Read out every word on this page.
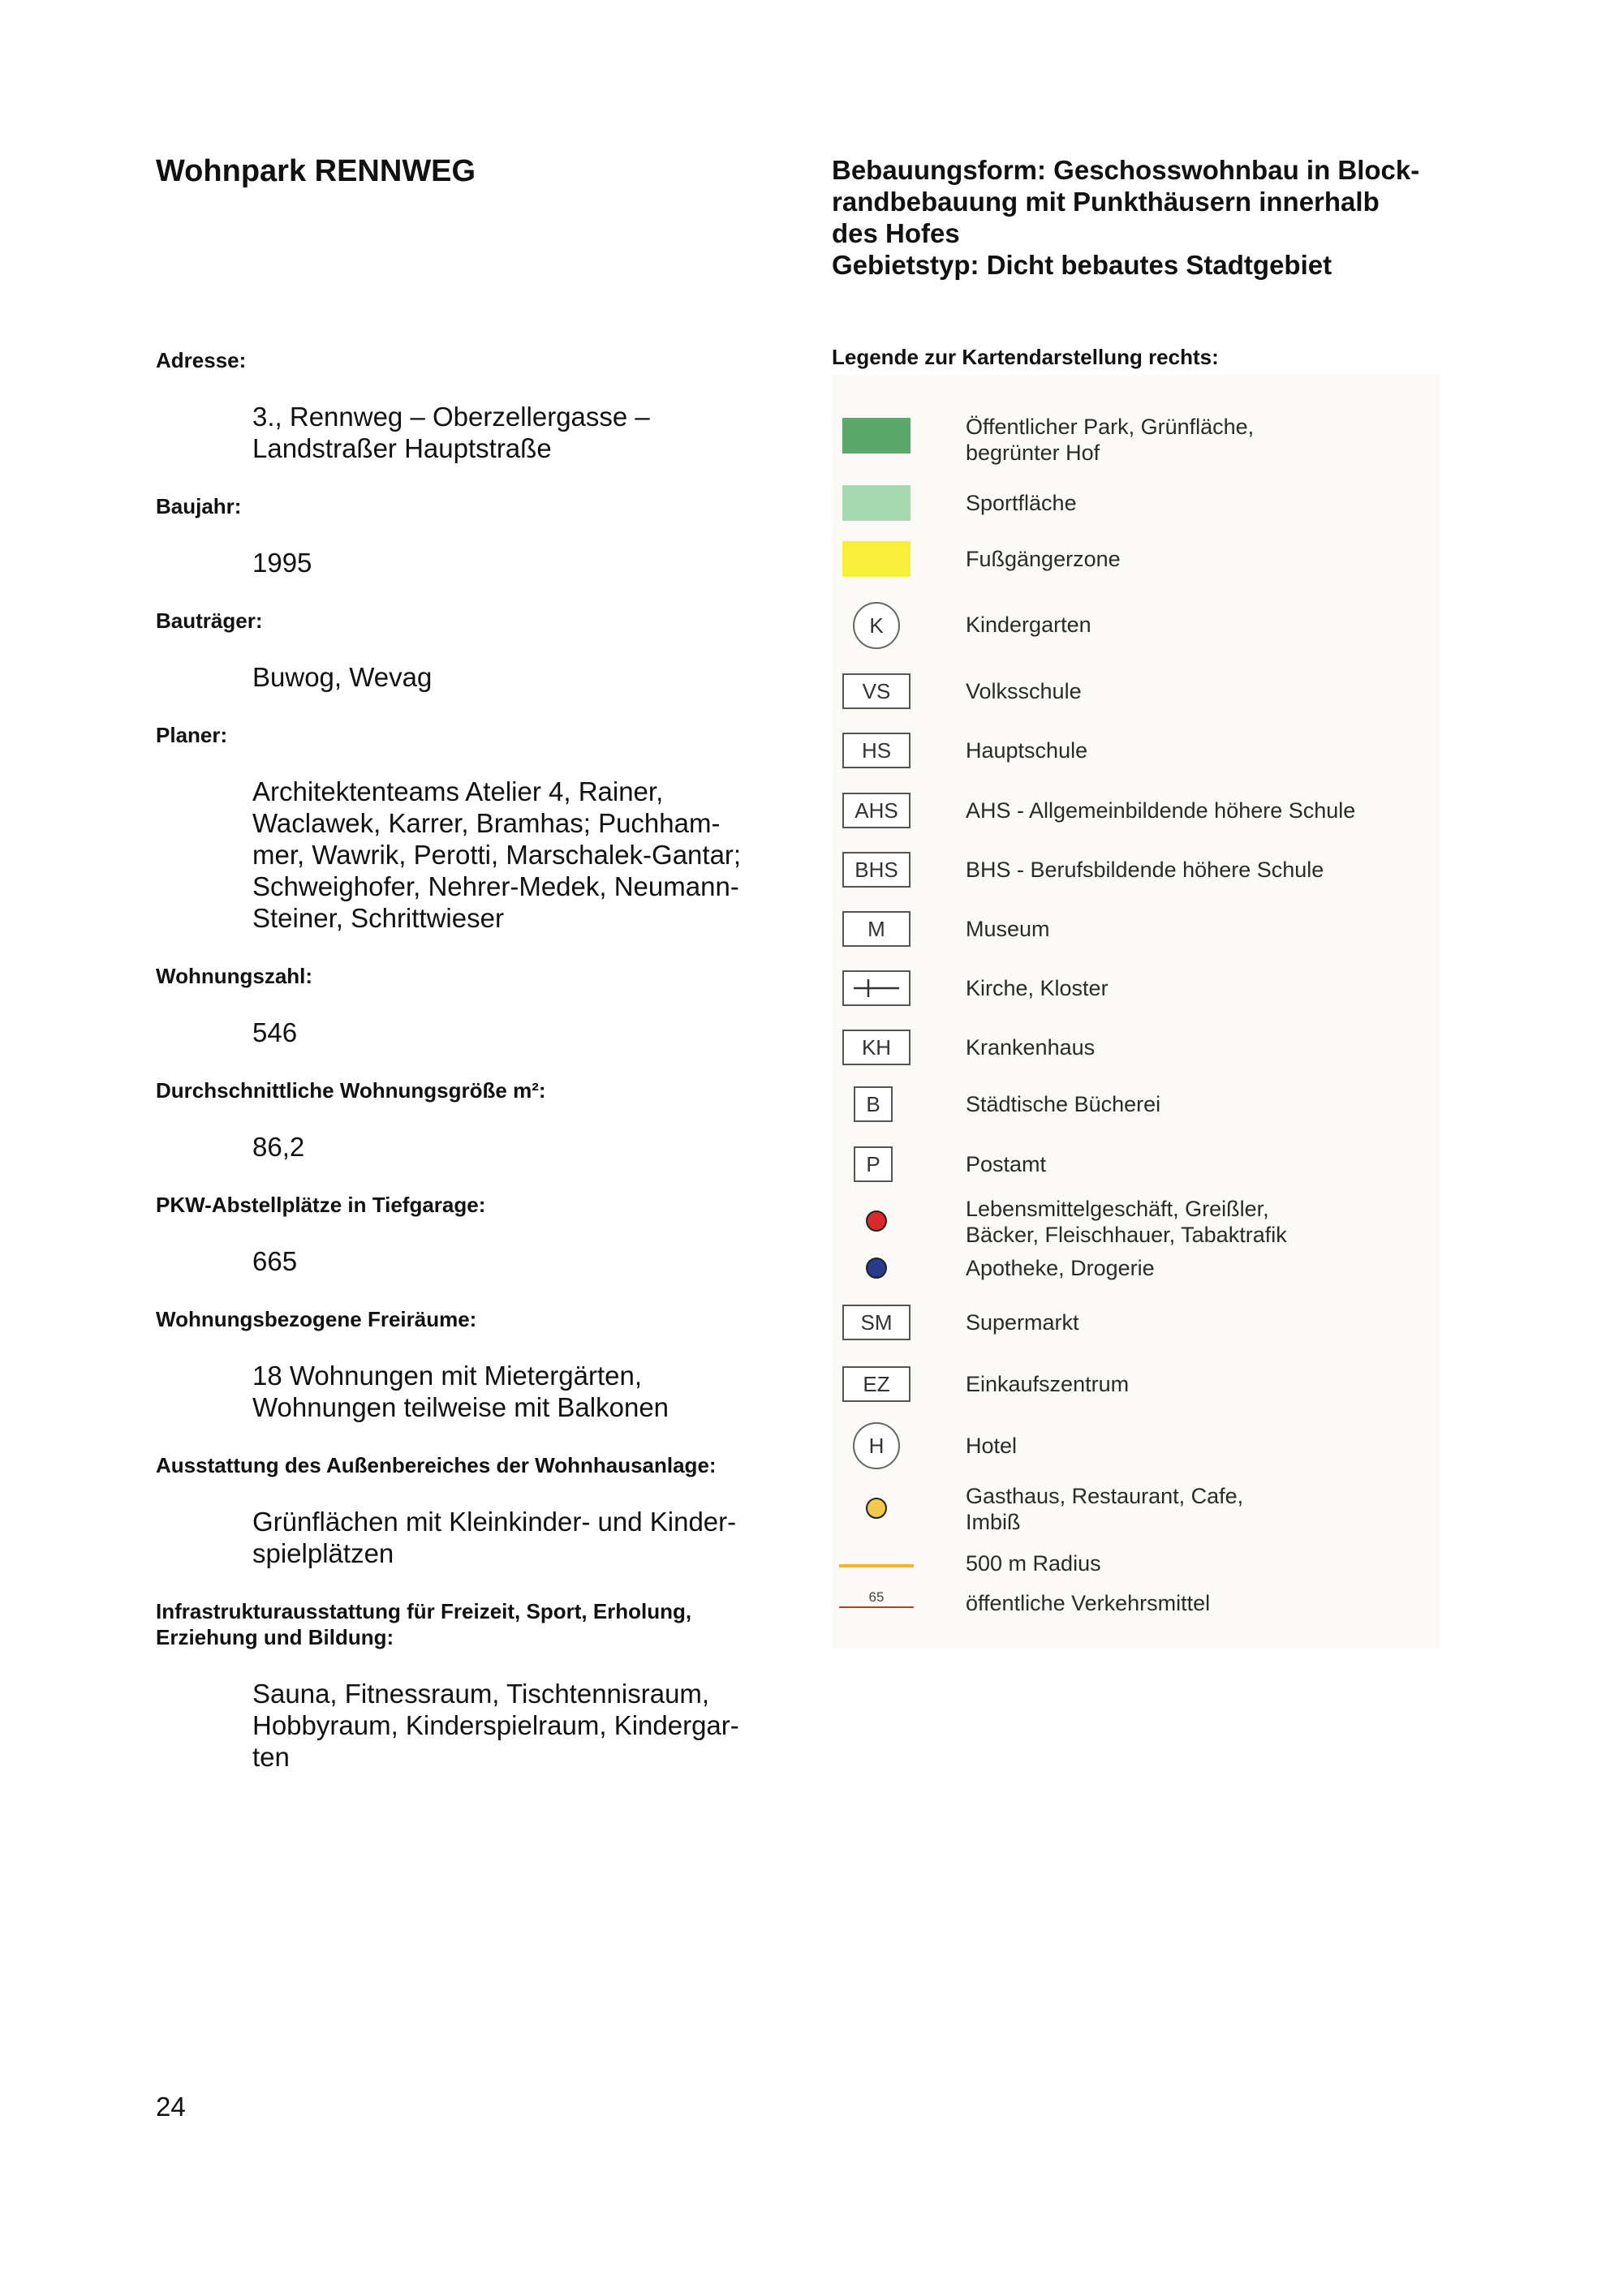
Wohnpark RENNWEG	Bebauungsform: Geschosswohnbau in Block-
randbebauung mit Punkthäusern innerhalb
des Hofes
Gebietstyp: Dicht bebautes Stadtgebiet
Adresse:
3., Rennweg – Oberzellergasse –
Landstraßer Hauptstraße
Baujahr:
1995
Bauträger:
Buwog, Wevag
Planer:
Architektenteams Atelier 4, Rainer,
Waclawek, Karrer, Bramhas; Puchham-
mer, Wawrik, Perotti, Marschalek-Gantar;
Schweighofer, Nehrer-Medek, Neumann-
Steiner, Schrittwieser
Wohnungszahl:
546
Durchschnittliche Wohnungsgröße m²:
86,2
PKW-Abstellplätze in Tiefgarage:
665
Wohnungsbezogene Freiräume:
18 Wohnungen mit Mietergärten,
Wohnungen teilweise mit Balkonen
Ausstattung des Außenbereiches der Wohnhausanlage:
Grünflächen mit Kleinkinder- und Kinder-
spielplätzen
Infrastrukturausstattung für Freizeit, Sport, Erholung,
Erziehung und Bildung:
Sauna, Fitnessraum, Tischtennisraum,
Hobbyraum, Kinderspielraum, Kindergar-
ten
Legende zur Kartendarstellung rechts:
Öffentlicher Park, Grünfläche,
begrünter Hof
Sportfläche
Fußgängerzone
K	Kindergarten
VS	Volksschule
HS	Hauptschule
AHS	AHS - Allgemeinbildende höhere Schule
BHS	BHS - Berufsbildende höhere Schule
M	Museum
Kirche, Kloster
KH	Krankenhaus
B	Städtische Bücherei
P	Postamt
Lebensmittelgeschäft, Greißler,
Bäcker, Fleischhauer, Tabaktrafik
Apotheke, Drogerie
SM	Supermarkt
EZ	Einkaufszentrum
H	Hotel
Gasthaus, Restaurant, Cafe,
Imbiß
500 m Radius
65	öffentliche Verkehrsmittel
24
